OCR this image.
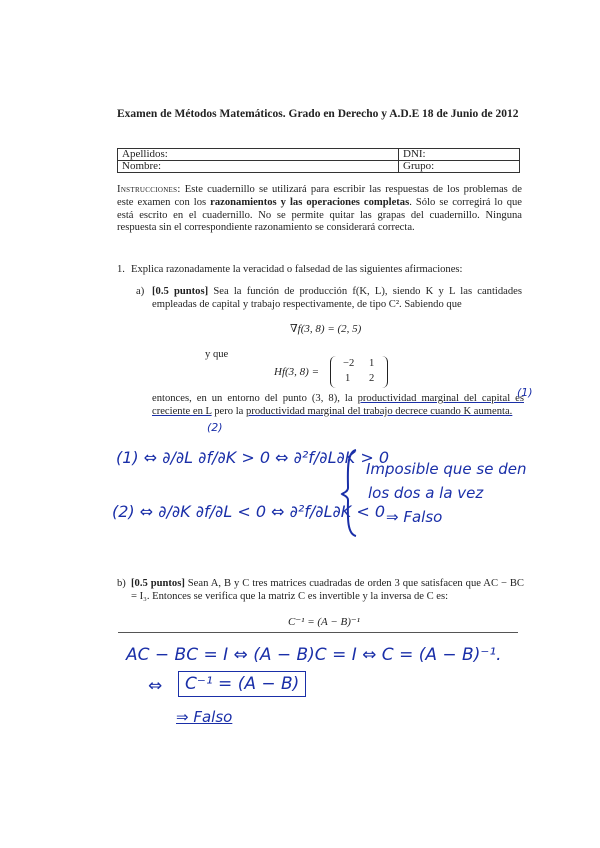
Examen de Métodos Matemáticos. Grado en Derecho y A.D.E 18 de Junio de 2012
Apellidos:	DNI:
Nombre:	Grupo:
Instrucciones: Este cuadernillo se utilizará para escribir las respuestas de los problemas de este examen con los razonamientos y las operaciones completas. Sólo se corregirá lo que está escrito en el cuadernillo. No se permite quitar las grapas del cuadernillo. Ninguna respuesta sin el correspondiente razonamiento se considerará correcta.
1. Explica razonadamente la veracidad o falsedad de las siguientes afirmaciones:
a) [0.5 puntos] Sea la función de producción f(K, L), siendo K y L las cantidades empleadas de capital y trabajo respectivamente, de tipo C². Sabiendo que
∇f(3, 8) = (2, 5)
y que
Hf(3, 8) =
−2 1
1 2
entonces, en un entorno del punto (3, 8), la productividad marginal del capital es creciente en L pero la productividad marginal del trabajo decrece cuando K aumenta.
(1)
(2)
(1) ⇔ ∂/∂L ∂f/∂K > 0 ⇔ ∂²f/∂L∂K > 0
(2) ⇔ ∂/∂K ∂f/∂L < 0 ⇔ ∂²f/∂L∂K < 0
Imposible que se den
los dos a la vez
⇒ Falso
b) [0.5 puntos] Sean A, B y C tres matrices cuadradas de orden 3 que satisfacen que AC − BC = I₃. Entonces se verifica que la matriz C es invertible y la inversa de C es:
C⁻¹ = (A − B)⁻¹
AC − BC = I ⇔ (A − B)C = I ⇔ C = (A − B)⁻¹.
⇔	C⁻¹ = (A − B)
⇒ Falso
